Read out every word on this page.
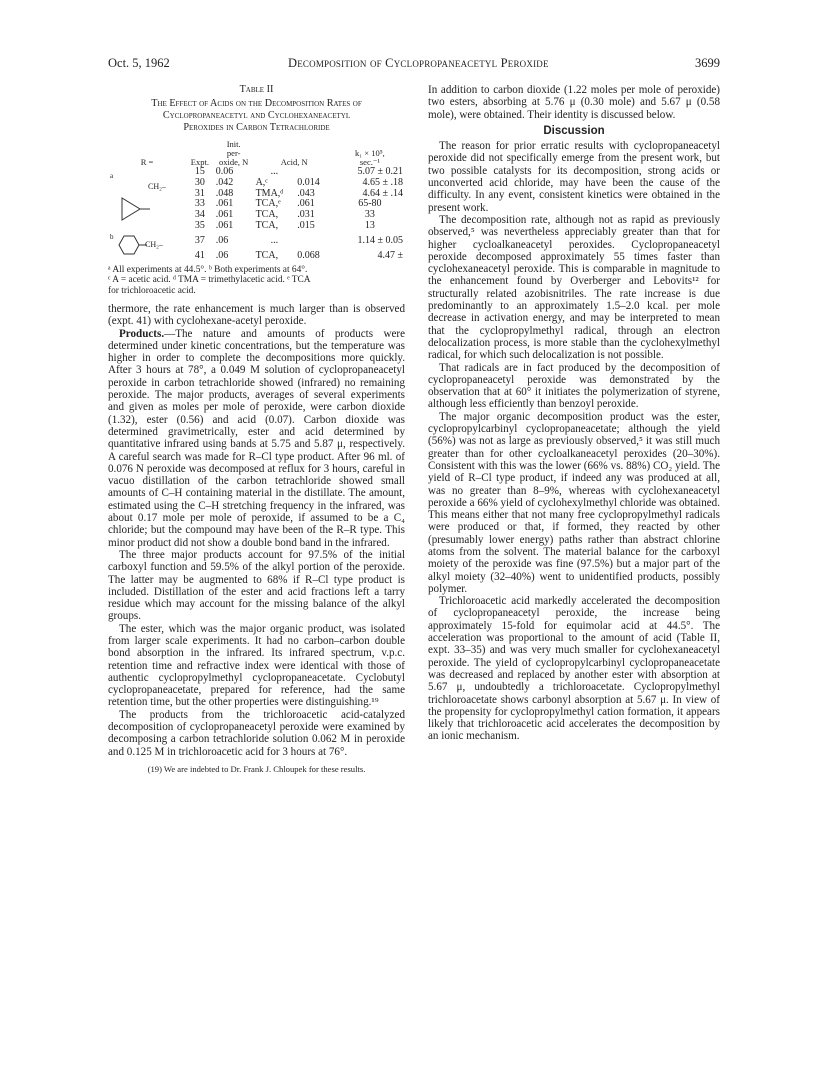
Oct. 5, 1962	Decomposition of Cyclopropaneacetyl Peroxide	3699
Table II
The Effect of Acids on the Decomposition Rates of
Cyclopropaneacetyl and Cyclohexaneacetyl
Peroxides in Carbon Tetrachloride
		Init.			
		per-			k₁ × 10⁵,
R =	Expt.	oxide, N	Acid, N		sec.⁻¹

a
CH₂–	15	0.06	...		5.07 ± 0.21
	30	.042	A,ᶜ	0.014	4.65 ± .18
	31	.048	TMA,ᵈ	.043	4.64 ± .14
	33	.061	TCA,ᵉ	.061	65-80
	34	.061	TCA,	.031	33
	35	.061	TCA,	.015	13

b
CH₂–	37	.06	...		1.14 ± 0.05
	41	.06	TCA,	0.068	4.47 ±
ᵃ All experiments at 44.5°. ᵇ Both experiments at 64°.
ᶜ A = acetic acid. ᵈ TMA = trimethylacetic acid. ᵉ TCA
for trichloroacetic acid.

thermore, the rate enhancement is much larger than is observed (expt. 41) with cyclohexane-acetyl peroxide.

Products.—The nature and amounts of products were determined under kinetic concentrations, but the temperature was higher in order to complete the decompositions more quickly. After 3 hours at 78°, a 0.049 M solution of cyclopropaneacetyl peroxide in carbon tetrachloride showed (infrared) no remaining peroxide. The major products, averages of several experiments and given as moles per mole of peroxide, were carbon dioxide (1.32), ester (0.56) and acid (0.07). Carbon dioxide was determined gravimetrically, ester and acid determined by quantitative infrared using bands at 5.75 and 5.87 μ, respectively. A careful search was made for R–Cl type product. After 96 ml. of 0.076 N peroxide was decomposed at reflux for 3 hours, careful in vacuo distillation of the carbon tetrachloride showed small amounts of C–H containing material in the distillate. The amount, estimated using the C–H stretching frequency in the infrared, was about 0.17 mole per mole of peroxide, if assumed to be a C₄ chloride; but the compound may have been of the R–R type. This minor product did not show a double bond band in the infrared.

The three major products account for 97.5% of the initial carboxyl function and 59.5% of the alkyl portion of the peroxide. The latter may be augmented to 68% if R–Cl type product is included. Distillation of the ester and acid fractions left a tarry residue which may account for the missing balance of the alkyl groups.

The ester, which was the major organic product, was isolated from larger scale experiments. It had no carbon–carbon double bond absorption in the infrared. Its infrared spectrum, v.p.c. retention time and refractive index were identical with those of authentic cyclopropylmethyl cyclopropaneacetate. Cyclobutyl cyclopropaneacetate, prepared for reference, had the same retention time, but the other properties were distinguishing.¹⁹

The products from the trichloroacetic acid-catalyzed decomposition of cyclopropaneacetyl peroxide were examined by decomposing a carbon tetrachloride solution 0.062 M in peroxide and 0.125 M in trichloroacetic acid for 3 hours at 76°.

(19) We are indebted to Dr. Frank J. Chloupek for these results.

In addition to carbon dioxide (1.22 moles per mole of peroxide) two esters, absorbing at 5.76 μ (0.30 mole) and 5.67 μ (0.58 mole), were obtained. Their identity is discussed below.

Discussion

The reason for prior erratic results with cyclopropaneacetyl peroxide did not specifically emerge from the present work, but two possible catalysts for its decomposition, strong acids or unconverted acid chloride, may have been the cause of the difficulty. In any event, consistent kinetics were obtained in the present work.

The decomposition rate, although not as rapid as previously observed,⁵ was nevertheless appreciably greater than that for higher cycloalkaneacetyl peroxides. Cyclopropaneacetyl peroxide decomposed approximately 55 times faster than cyclohexaneacetyl peroxide. This is comparable in magnitude to the enhancement found by Overberger and Lebovits¹² for structurally related azobisnitriles. The rate increase is due predominantly to an approximately 1.5–2.0 kcal. per mole decrease in activation energy, and may be interpreted to mean that the cyclopropylmethyl radical, through an electron delocalization process, is more stable than the cyclohexylmethyl radical, for which such delocalization is not possible.

That radicals are in fact produced by the decomposition of cyclopropaneacetyl peroxide was demonstrated by the observation that at 60° it initiates the polymerization of styrene, although less efficiently than benzoyl peroxide.

The major organic decomposition product was the ester, cyclopropylcarbinyl cyclopropaneacetate; although the yield (56%) was not as large as previously observed,⁵ it was still much greater than for other cycloalkaneacetyl peroxides (20–30%). Consistent with this was the lower (66% vs. 88%) CO₂ yield. The yield of R–Cl type product, if indeed any was produced at all, was no greater than 8–9%, whereas with cyclohexaneacetyl peroxide a 66% yield of cyclohexylmethyl chloride was obtained. This means either that not many free cyclopropylmethyl radicals were produced or that, if formed, they reacted by other (presumably lower energy) paths rather than abstract chlorine atoms from the solvent. The material balance for the carboxyl moiety of the peroxide was fine (97.5%) but a major part of the alkyl moiety (32–40%) went to unidentified products, possibly polymer.

Trichloroacetic acid markedly accelerated the decomposition of cyclopropaneacetyl peroxide, the increase being approximately 15-fold for equimolar acid at 44.5°. The acceleration was proportional to the amount of acid (Table II, expt. 33–35) and was very much smaller for cyclohexaneacetyl peroxide. The yield of cyclopropylcarbinyl cyclopropaneacetate was decreased and replaced by another ester with absorption at 5.67 μ, undoubtedly a trichloroacetate. Cyclopropylmethyl trichloroacetate shows carbonyl absorption at 5.67 μ. In view of the propensity for cyclopropylmethyl cation formation, it appears likely that trichloroacetic acid accelerates the decomposition by an ionic mechanism.
